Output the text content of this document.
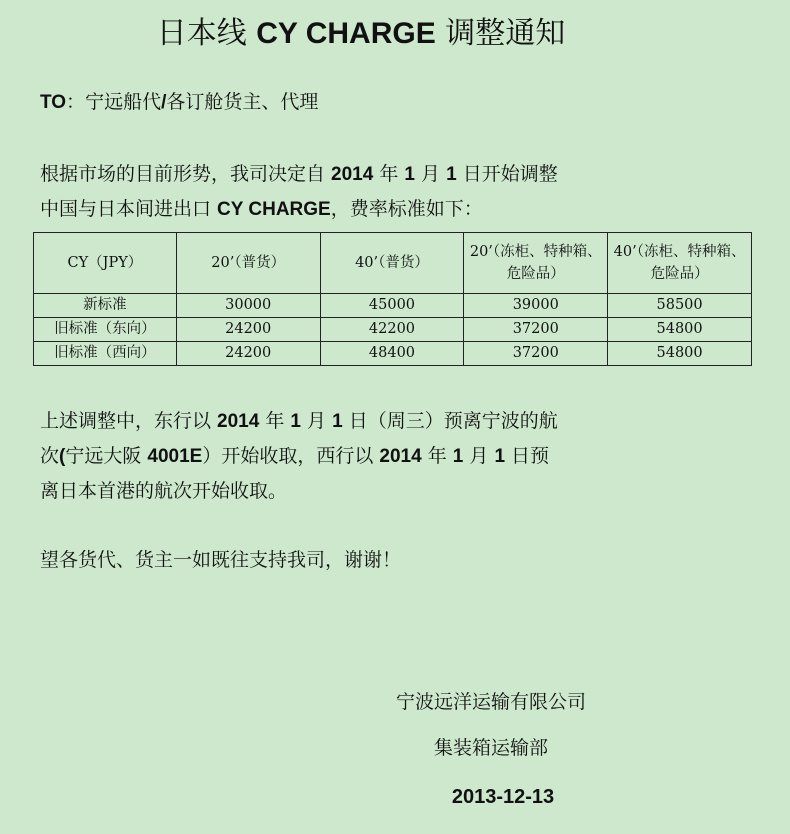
日本线 CY CHARGE 调整通知
TO：宁远船代/各订舱货主、代理
根据市场的目前形势，我司决定自 2014 年 1 月 1 日开始调整
中国与日本间进出口 CY CHARGE，费率标准如下：
CY（JPY）	20’（普货）	40’（普货）	20’（冻柜、特种箱、危险品）	40’（冻柜、特种箱、危险品）
新标准	30000	45000	39000	58500
旧标准（东向）	24200	42200	37200	54800
旧标准（西向）	24200	48400	37200	54800
上述调整中，东行以 2014 年 1 月 1 日（周三）预离宁波的航
次(宁远大阪 4001E）开始收取，西行以 2014 年 1 月 1 日预
离日本首港的航次开始收取。
望各货代、货主一如既往支持我司，谢谢！
宁波远洋运输有限公司
集装箱运输部
2013-12-13
